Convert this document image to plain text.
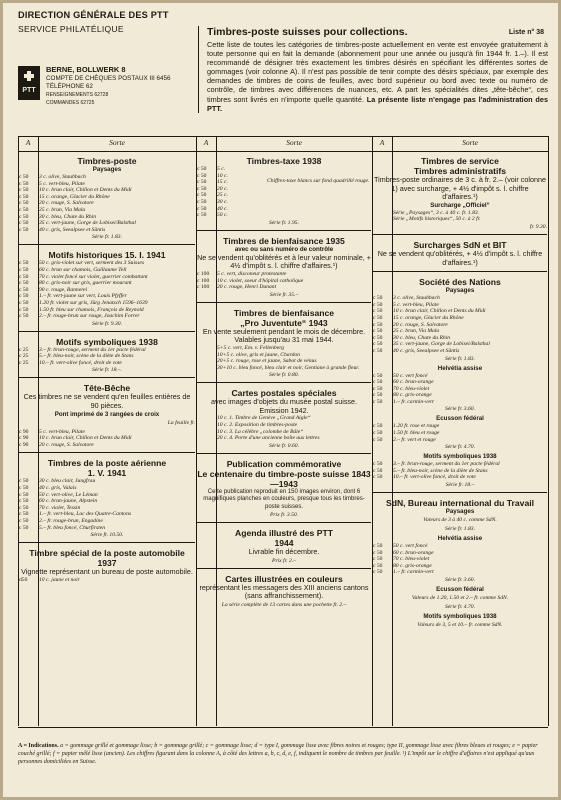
DIRECTION GÉNÉRALE DES PTT
SERVICE PHILATÉLIQUE
PTT
BERNE, BOLLWERK 8
COMPTE DE CHÈQUES POSTAUX III 6456
TÉLÉPHONE 62
RENSEIGNEMENTS 62728
COMMANDES 62725
Timbres-poste suisses pour collections.	Liste n° 38
Cette liste de toutes les catégories de timbres-poste actuellement en vente est envoyée gratuitement à toute personne qui en fait la demande (abonnement pour une année ou jusqu'à fin 1944 fr. 1.–). Il est recommandé de désigner très exactement les timbres désirés en spécifiant les différentes sortes de gommages (voir colonne A). Il n'est pas possible de tenir compte des désirs spéciaux, par exemple des demandes de timbres de coins de feuilles, avec bord supérieur ou bord avec texte ou numéro de contrôle, de timbres avec différences de nuances, etc. A part les spécialités dites „tête-bêche“, ces timbres sont livrés en n'importe quelle quantité. La présente liste n'engage pas l'administration des PTT.
A	Sorte	A	Sorte	A	Sorte
Timbres-poste
Paysages
c 50	3 c. olive, Staubbach
c 50	5 c. vert-bleu, Pilate
c 50	10 c. brun clair, Chillon et Dents du Midi
c 50	15 c. orange, Glacier du Rhône
c 50	20 c. rouge, S. Salvatore
c 50	25 c. brun, Via Mala
c 50	30 c. bleu, Chute du Rhin
c 50	35 c. vert-jaune, Gorge de Lobisei/Balsthal
c 50	40 c. gris, Seealpsee et Säntis
Série fr. 1.83.
Motifs historiques 15. I. 1941
c 50	50 c. gris-violet sur vert, serment des 3 Suisses
c 50	60 c. brun sur chamois, Guillaume Tell
c 50	70 c. violet foncé sur violet, guerrier combattant
c 50	80 c. gris-noir sur gris, guerrier mourant
c 50	90 c. rouge, Bannerei
c 50	1.– fr. vert-jaune sur vert, Louis Pfyffer
c 50	1.20 fr. violet sur gris, Jürg Jenatsch 1596–1639
c 50	1.50 fr. bleu sur chamois, François de Reynold
c 50	2.– fr. rouge-brun sur rouge, Joachim Forrer
Série fr. 9.30.
Motifs symboliques 1938
c 25	3.– fr. brun-rouge, serment du 1er pacte fédéral
c 25	5.– fr. bleu-noir, scène de la diète de Stans
c 25	10.– fr. vert-olive foncé, droit de vote
Série fr. 18.–.
Tête-Bêche
Ces timbres ne se vendent qu'en feuilles entières de 90 pièces.
Pont imprimé de 3 rangées de croix
La feuille fr.
c 90	5 c. vert-bleu, Pilate
c 90	10 c. brun clair, Chillon et Dents du Midi
c 90	20 c. rouge, S. Salvatore
Timbres de la poste aérienne
1. V. 1941
c 50	30 c. bleu clair, Jungfrau
c 50	40 c. gris, Valais
c 50	50 c. vert-olive, Le Léman
c 50	60 c. brun-jaune, Alpstein
c 50	70 c. violet, Tessin
c 50	1.– fr. vert-bleu, Lac des Quatre-Cantons
c 50	2.– fr. rouge-brun, Engadine
c 50	5.– fr. bleu foncé, Churfirsten
Série fr. 10.50.
Timbre spécial de la poste automobile 1937
Vignette représentant un bureau de poste automobile.
d50	10 c. jaune et noir
Timbres-taxe 1938
c 50	5 c.
c 50	10 c.
c 50	15 c.
c 50	20 c.
c 50	25 c.
c 50	30 c.
c 50	40 c.
c 50	50 c.
Chiffres-taxe blancs sur fond quadrillé rouge.
Série fr. 1.95.
Timbres de bienfaisance 1935
avec ou sans numéro de contrôle
Ne se vendent qu'oblitérés et à leur valeur nominale, + 4½ d'impôt s. l. chiffre d'affaires.¹)
c 100	5 c. vert, disconeur protestante
c 100	10 c. violet, soeur d'hôpital catholique
c 100	20 c. rouge, Henri Dunant
Série fr. 35.–
Timbres de bienfaisance
„Pro Juventute“ 1943
En vente seulement pendant le mois de décembre. Valables jusqu'au 31 mai 1944.
5+5 c. vert, Em. v. Fellenberg
10+5 c. olive, gris et jaune, Chardon
20+5 c. rouge, rose et jaune, Sabot de vénus
30+10 c. bleu foncé, bleu clair et noir, Gentiane à grande fleur.
Série fr. 0.80.
Cartes postales spéciales
avec images d'objets du musée postal suisse. Emission 1942.
10 c. 1. Timbre de Genève „Grand Aigle“
10 c. 2. Exposition de timbres-poste
10 c. 3. La célèbre „colombe de Bâle“
20 c. 4. Porte d'une ancienne boîte aux lettres
Série fr. 0.60.
Publication commémorative
Le centenaire du timbre-poste suisse 1843—1943
Cette publication reproduit en 150 images environ, dont 6 magnifiques planches en couleurs, presque tous les timbres-poste suisses.
Prix fr. 3.50.
Agenda illustré des PTT
1944
Livrable fin décembre.
Prix fr. 2.–
Cartes illustrées en couleurs
représentant les messagers des XIII anciens cantons (sans affranchissement).
La série complète de 13 cartes dans une pochette fr. 2.–
Timbres de service
Timbres administratifs
Timbres-poste ordinaires de 3 c. à fr. 2.– (voir colonne 1) avec surcharge, + 4½ d'impôt s. l. chiffre d'affaires.¹)
Surcharge „Officiel“
Série „Paysages“, 3 c. à 40 c. fr. 1.83.
Série „Motifs historiques“, 50 c. à 2 fr.
fr. 9.30.
Surcharges SdN et BIT
Ne se vendent qu'oblitérés, + 4½ d'impôt s. l. chiffre d'affaires.¹)
Société des Nations
Paysages
c 50	3 c. olive, Staubbach
c 50	5 c. vert-bleu, Pilate
c 50	10 c. brun clair, Chillon et Dents du Midi
c 50	15 c. orange, Glacier du Rhône
c 50	20 c. rouge, S. Salvatore
c 50	25 c. brun, Via Mala
c 50	30 c. bleu, Chute du Rhin
c 50	35 c. vert-jaune, Gorge de Lobisei/Balsthal
c 50	40 c. gris, Seealpsee et Säntis
Série fr. 1.83.
Helvétia assise
c 50	50 c. vert foncé
c 50	60 c. brun-orange
c 50	70 c. bleu-violet
c 50	80 c. gris-orange
c 50	1.– fr. carmin-vert
Série fr. 3.60.
Ecusson fédéral
c 50	1.20 fr. rose et rouge
c 50	1.50 fr. bleu et rouge
c 50	2.– fr. vert et rouge
Série fr. 4.70.
Motifs symboliques 1938
c 50	3.– fr. brun-rouge, serment du 1er pacte fédéral
c 50	5.– fr. bleu-noir, scène de la diète de Stans
c 50	10.– fr. vert-olive foncé, droit de vote
Série fr. 18.–
SdN, Bureau international du Travail
Paysages
Valeurs de 3 à 40 c. comme SdN.
Série fr. 1.83.
Helvétia assise
c 50	50 c. vert foncé
c 50	60 c. brun-orange
c 50	70 c. bleu-violet
c 50	80 c. gris-orange
c 50	1.– fr. carmin-vert
Série fr. 3.60.
Ecusson fédéral
Valeurs de 1.20, 1.50 et 2.– fr. comme SdN.
Série fr. 4.70.
Motifs symboliques 1938
Valeurs de 3, 5 et 10.– fr. comme SdN.
A = Indications. a = gommage grillé et gommage lisse; b = gommage grillé; c = gommage lisse; d = type I, gommage lisse avec fibres noires et rouges; type II, gommage lisse avec fibres bleues et rouges; e = papier couché grillé; f = papier mêlé lisse (ancien). Les chiffres figurant dans la colonne A, à côté des lettres a, b, c, d, e, f, indiquent le nombre de timbres par feuille. ¹) L'impôt sur le chiffre d'affaires n'est appliqué qu'aux personnes domiciliées en Suisse.
